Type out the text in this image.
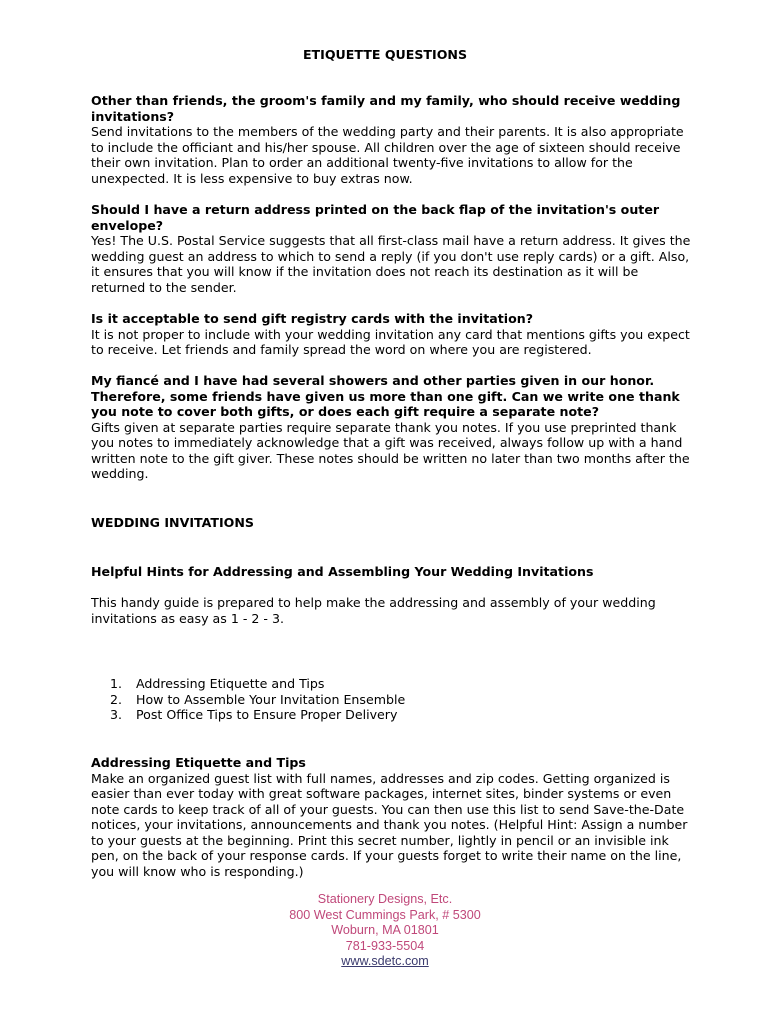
ETIQUETTE QUESTIONS
Other than friends, the groom's family and my family, who should receive wedding invitations?
Send invitations to the members of the wedding party and their parents. It is also appropriate to include the officiant and his/her spouse. All children over the age of sixteen should receive their own invitation. Plan to order an additional twenty-five invitations to allow for the unexpected. It is less expensive to buy extras now.
Should I have a return address printed on the back flap of the invitation's outer envelope?
Yes! The U.S. Postal Service suggests that all first-class mail have a return address. It gives the wedding guest an address to which to send a reply (if you don't use reply cards) or a gift. Also, it ensures that you will know if the invitation does not reach its destination as it will be returned to the sender.
Is it acceptable to send gift registry cards with the invitation?
It is not proper to include with your wedding invitation any card that mentions gifts you expect to receive. Let friends and family spread the word on where you are registered.
My fiancé and I have had several showers and other parties given in our honor. Therefore, some friends have given us more than one gift. Can we write one thank you note to cover both gifts, or does each gift require a separate note?
Gifts given at separate parties require separate thank you notes. If you use preprinted thank you notes to immediately acknowledge that a gift was received, always follow up with a hand written note to the gift giver. These notes should be written no later than two months after the wedding.
WEDDING INVITATIONS
Helpful Hints for Addressing and Assembling Your Wedding Invitations
This handy guide is prepared to help make the addressing and assembly of your wedding invitations as easy as 1 - 2 - 3.
1.	Addressing Etiquette and Tips
2.	How to Assemble Your Invitation Ensemble
3.	Post Office Tips to Ensure Proper Delivery
Addressing Etiquette and Tips
Make an organized guest list with full names, addresses and zip codes. Getting organized is easier than ever today with great software packages, internet sites, binder systems or even note cards to keep track of all of your guests. You can then use this list to send Save-the-Date notices, your invitations, announcements and thank you notes. (Helpful Hint: Assign a number to your guests at the beginning. Print this secret number, lightly in pencil or an invisible ink pen, on the back of your response cards. If your guests forget to write their name on the line, you will know who is responding.)
Stationery Designs, Etc.
800 West Cummings Park, # 5300
Woburn, MA 01801
781-933-5504
www.sdetc.com
